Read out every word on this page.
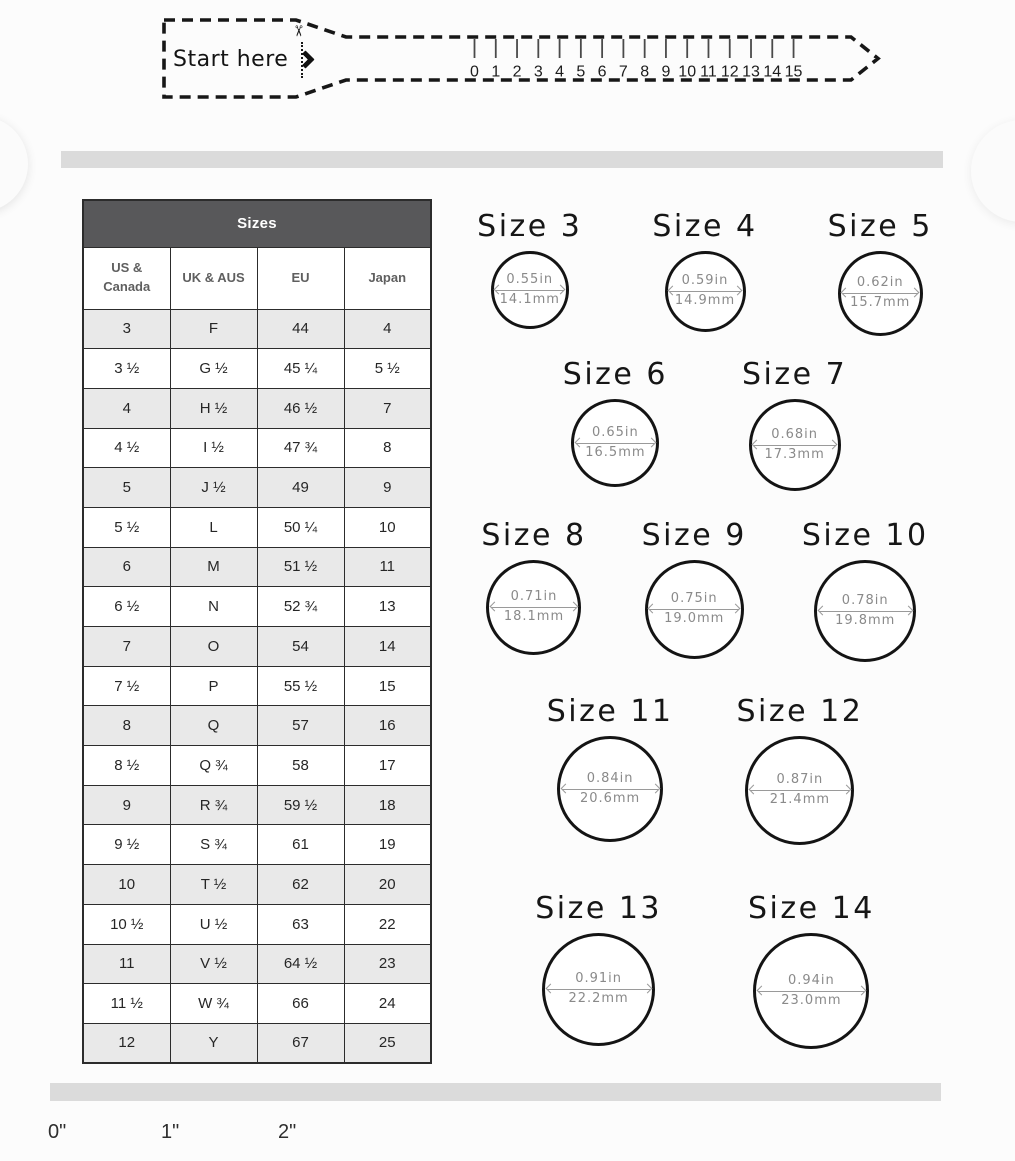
0 1 2 3 4 5 6 7 8 9 10 11 12 13 14 15
Start here
✂
Sizes			
US & Canada	UK & AUS	EU	Japan
3	F	44	4
3 ½	G ½	45 ¼	5 ½
4	H ½	46 ½	7
4 ½	I ½	47 ¾	8
5	J ½	49	9
5 ½	L	50 ¼	10
6	M	51 ½	11
6 ½	N	52 ¾	13
7	O	54	14
7 ½	P	55 ½	15
8	Q	57	16
8 ½	Q ¾	58	17
9	R ¾	59 ½	18
9 ½	S ¾	61	19
10	T ½	62	20
10 ½	U ½	63	22
11	V ½	64 ½	23
11 ½	W ¾	66	24
12	Y	67	25
Size 3
0.55in
14.1mm
Size 4
0.59in
14.9mm
Size 5
0.62in
15.7mm
Size 6
0.65in
16.5mm
Size 7
0.68in
17.3mm
Size 8
0.71in
18.1mm
Size 9
0.75in
19.0mm
Size 10
0.78in
19.8mm
Size 11
0.84in
20.6mm
Size 12
0.87in
21.4mm
Size 13
0.91in
22.2mm
Size 14
0.94in
23.0mm
0"	1"	2"
